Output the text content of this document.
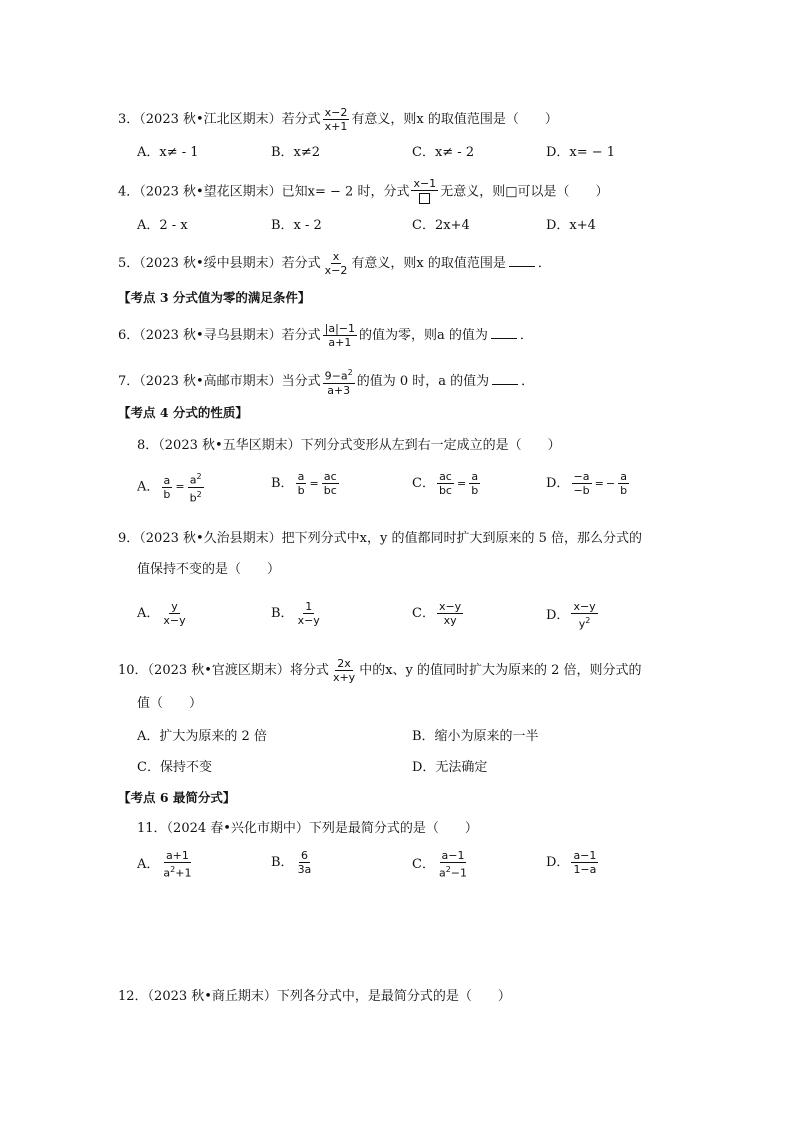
3．（2023 秋•江北区期末）若分式 $\frac{x-2}{x+1}$ 有意义，则x 的取值范围是（　　）
A．x≠ - 1	B．x≠2	C．x≠ - 2	D．x= − 1
4．（2023 秋•望花区期末）已知x= − 2 时，分式
x−1
无意义，则□可以是（　　）
A．2 - x	B．x - 2	C．2x+4	D．x+4
5．（2023 秋•绥中县期末）若分式 $\frac{x}{x-2}$ 有意义，则x 的取值范围是 ．
【考点 3 分式值为零的满足条件】
6．（2023 秋•寻乌县期末）若分式 $\frac{|a|-1}{a+1}$ 的值为零，则a 的值为 ．
7．（2023 秋•高邮市期末）当分式 $\frac{9-a^2}{a+3}$ 的值为 0 时，a 的值为 ．
【考点 4 分式的性质】
8．（2023 秋•五华区期末）下列分式变形从左到右一定成立的是（　　）
A． $\frac{a}{b} = \frac{a^2}{b^2}$	B． $\frac{a}{b} = \frac{ac}{bc}$	C． $\frac{ac}{bc} = \frac{a}{b}$	D． $\frac{-a}{-b}$ = − $\frac{a}{b}$
9．（2023 秋•久治县期末）把下列分式中x，y 的值都同时扩大到原来的 5 倍，那么分式的
值保持不变的是（　　）
A． $\frac{y}{x-y}$	B． $\frac{1}{x-y}$	C． $\frac{x-y}{xy}$	D． $\frac{x-y}{y^2}$
10．（2023 秋•官渡区期末）将分式 $\frac{2x}{x+y}$ 中的x、y 的值同时扩大为原来的 2 倍，则分式的
值（　　）
A．扩大为原来的 2 倍	B．缩小为原来的一半
C．保持不变	D．无法确定
【考点 6 最简分式】
11．（2024 春•兴化市期中）下列是最简分式的是（　　）
A． $\frac{a+1}{a^2+1}$	B． $\frac{6}{3a}$	C． $\frac{a-1}{a^2-1}$	D． $\frac{a-1}{1-a}$
12．（2023 秋•商丘期末）下列各分式中，是最简分式的是（　　）
